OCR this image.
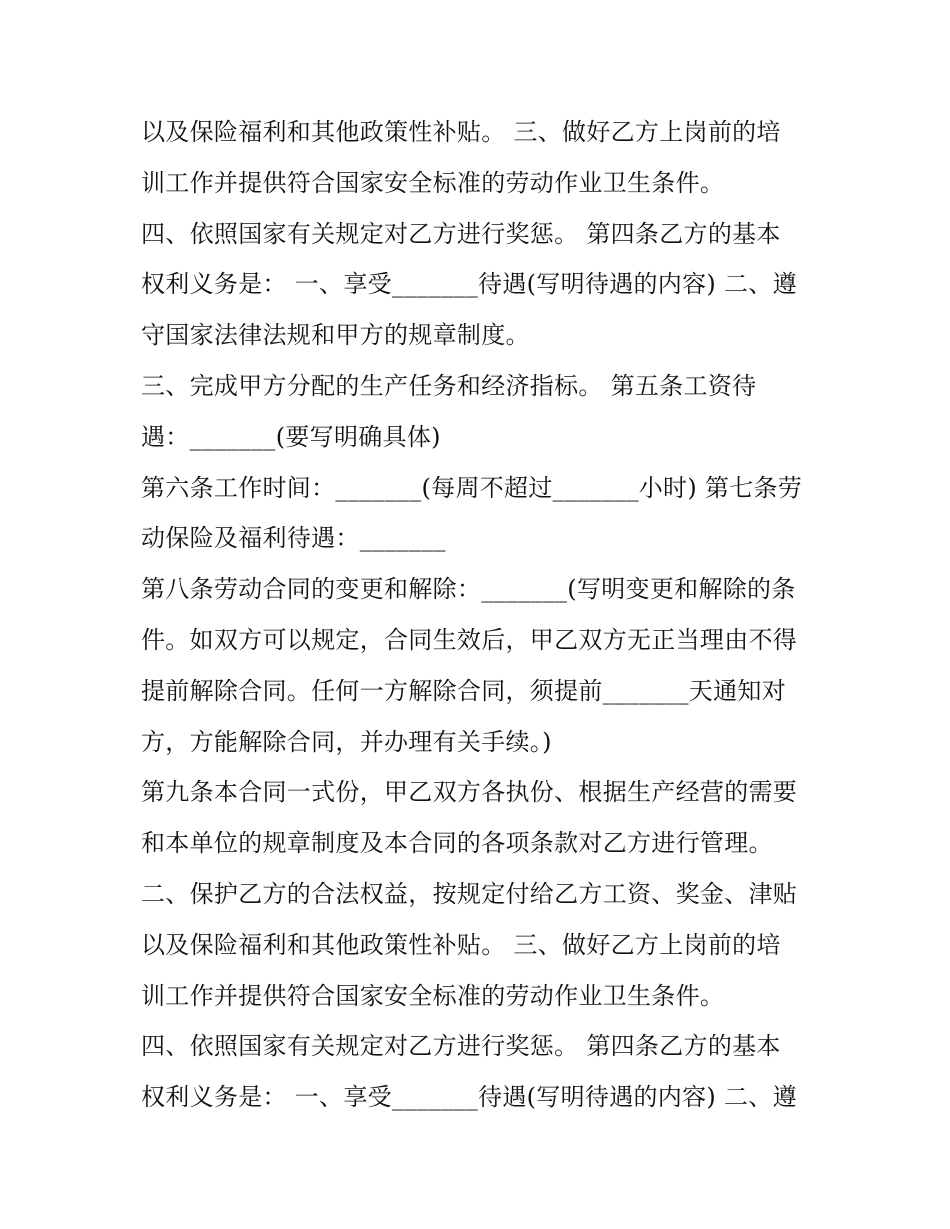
以及保险福利和其他政策性补贴。 三、做好乙方上岗前的培
训工作并提供符合国家安全标准的劳动作业卫生条件。
四、依照国家有关规定对乙方进行奖惩。 第四条乙方的基本
权利义务是： 一、享受_______待遇(写明待遇的内容) 二、遵
守国家法律法规和甲方的规章制度。
三、完成甲方分配的生产任务和经济指标。 第五条工资待
遇：_______(要写明确具体)
第六条工作时间：_______(每周不超过_______小时) 第七条劳
动保险及福利待遇：_______
第八条劳动合同的变更和解除：_______(写明变更和解除的条
件。如双方可以规定，合同生效后，甲乙双方无正当理由不得
提前解除合同。任何一方解除合同，须提前_______天通知对
方，方能解除合同，并办理有关手续。)
第九条本合同一式份，甲乙双方各执份、根据生产经营的需要
和本单位的规章制度及本合同的各项条款对乙方进行管理。
二、保护乙方的合法权益，按规定付给乙方工资、奖金、津贴
以及保险福利和其他政策性补贴。 三、做好乙方上岗前的培
训工作并提供符合国家安全标准的劳动作业卫生条件。
四、依照国家有关规定对乙方进行奖惩。 第四条乙方的基本
权利义务是： 一、享受_______待遇(写明待遇的内容) 二、遵
